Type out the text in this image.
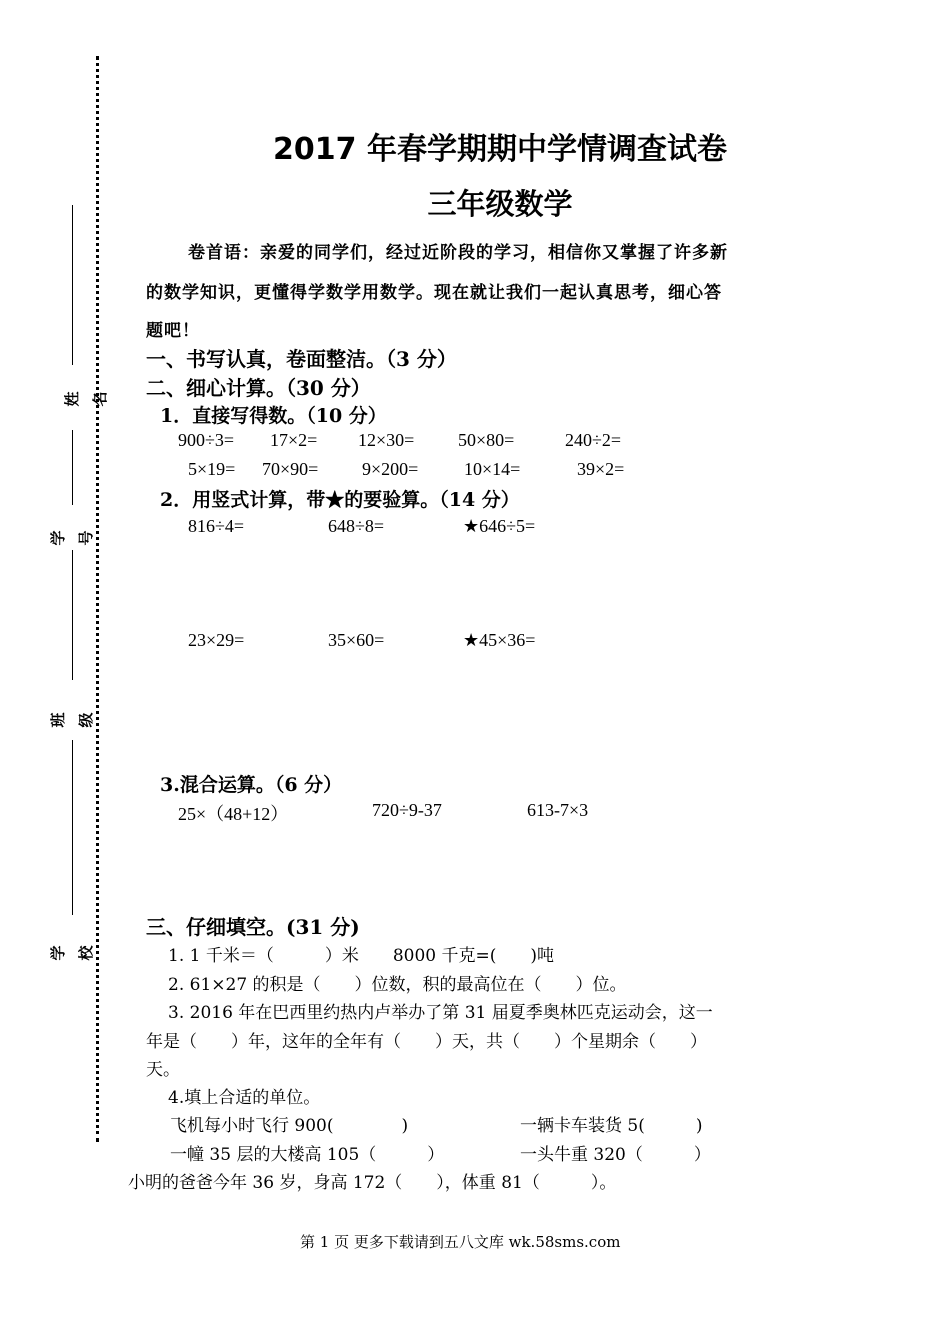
姓名
学号
班级
学校
2017 年春学期期中学情调查试卷
三年级数学
卷首语：亲爱的同学们，经过近阶段的学习，相信你又掌握了许多新
的数学知识，更懂得学数学用数学。现在就让我们一起认真思考，细心答
题吧！
一、书写认真，卷面整洁。（3 分）
二、细心计算。（30 分）
1．直接写得数。（10 分）
900÷3= 17×2= 12×30= 50×80=	240÷2=
5×19= 70×90= 9×200=	10×14=	39×2=
2．用竖式计算，带★的要验算。（14 分）
816÷4=	648÷8=	★646÷5=
23×29=	35×60=	★45×36=
3.混合运算。（6 分）
25×（48+12）	720÷9-37	613-7×3
三、仔细填空。(31 分)
1. 1 千米＝（　　　）米　　8000 千克=(　　)吨
2. 61×27 的积是（　　）位数，积的最高位在（　　）位。
3. 2016 年在巴西里约热内卢举办了第 31 届夏季奥林匹克运动会，这一
年是（　　）年，这年的全年有（　　）天，共（　　）个星期余（　　）
天。
4.填上合适的单位。
飞机每小时飞行 900(　　　　)	一辆卡车装货 5(　　　)
一幢 35 层的大楼高 105（　　　）	一头牛重 320（　　　）
小明的爸爸今年 36 岁，身高 172（　　），体重 81（　　　）。
第 1 页 更多下载请到五八文库 wk.58sms.com
